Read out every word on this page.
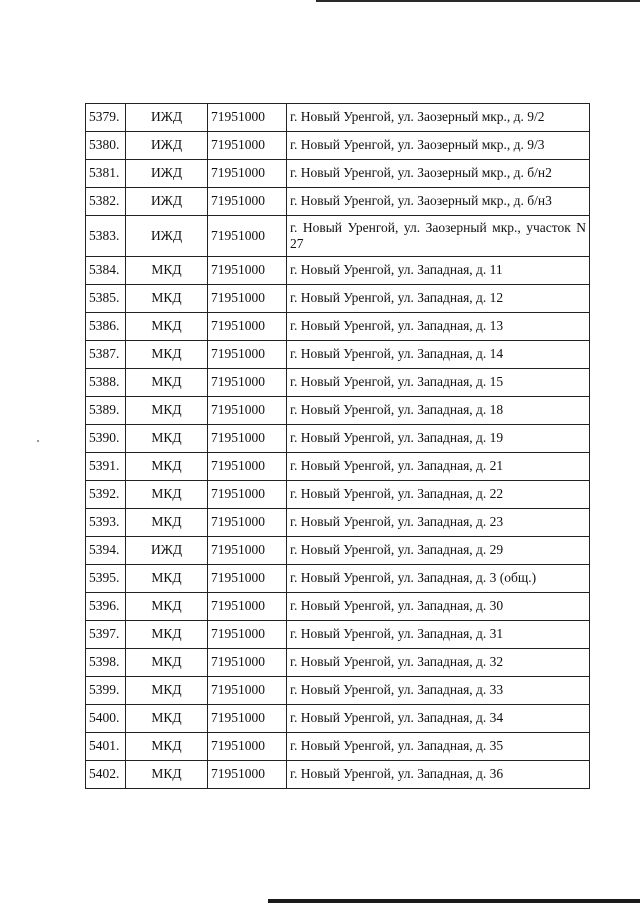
5379.	ИЖД	71951000	г. Новый Уренгой, ул. Заозерный мкр., д. 9/2
5380.	ИЖД	71951000	г. Новый Уренгой, ул. Заозерный мкр., д. 9/3
5381.	ИЖД	71951000	г. Новый Уренгой, ул. Заозерный мкр., д. б/н2
5382.	ИЖД	71951000	г. Новый Уренгой, ул. Заозерный мкр., д. б/н3
5383.	ИЖД	71951000	г. Новый Уренгой, ул. Заозерный мкр., участок N 27
5384.	МКД	71951000	г. Новый Уренгой, ул. Западная, д. 11
5385.	МКД	71951000	г. Новый Уренгой, ул. Западная, д. 12
5386.	МКД	71951000	г. Новый Уренгой, ул. Западная, д. 13
5387.	МКД	71951000	г. Новый Уренгой, ул. Западная, д. 14
5388.	МКД	71951000	г. Новый Уренгой, ул. Западная, д. 15
5389.	МКД	71951000	г. Новый Уренгой, ул. Западная, д. 18
5390.	МКД	71951000	г. Новый Уренгой, ул. Западная, д. 19
5391.	МКД	71951000	г. Новый Уренгой, ул. Западная, д. 21
5392.	МКД	71951000	г. Новый Уренгой, ул. Западная, д. 22
5393.	МКД	71951000	г. Новый Уренгой, ул. Западная, д. 23
5394.	ИЖД	71951000	г. Новый Уренгой, ул. Западная, д. 29
5395.	МКД	71951000	г. Новый Уренгой, ул. Западная, д. 3 (общ.)
5396.	МКД	71951000	г. Новый Уренгой, ул. Западная, д. 30
5397.	МКД	71951000	г. Новый Уренгой, ул. Западная, д. 31
5398.	МКД	71951000	г. Новый Уренгой, ул. Западная, д. 32
5399.	МКД	71951000	г. Новый Уренгой, ул. Западная, д. 33
5400.	МКД	71951000	г. Новый Уренгой, ул. Западная, д. 34
5401.	МКД	71951000	г. Новый Уренгой, ул. Западная, д. 35
5402.	МКД	71951000	г. Новый Уренгой, ул. Западная, д. 36
